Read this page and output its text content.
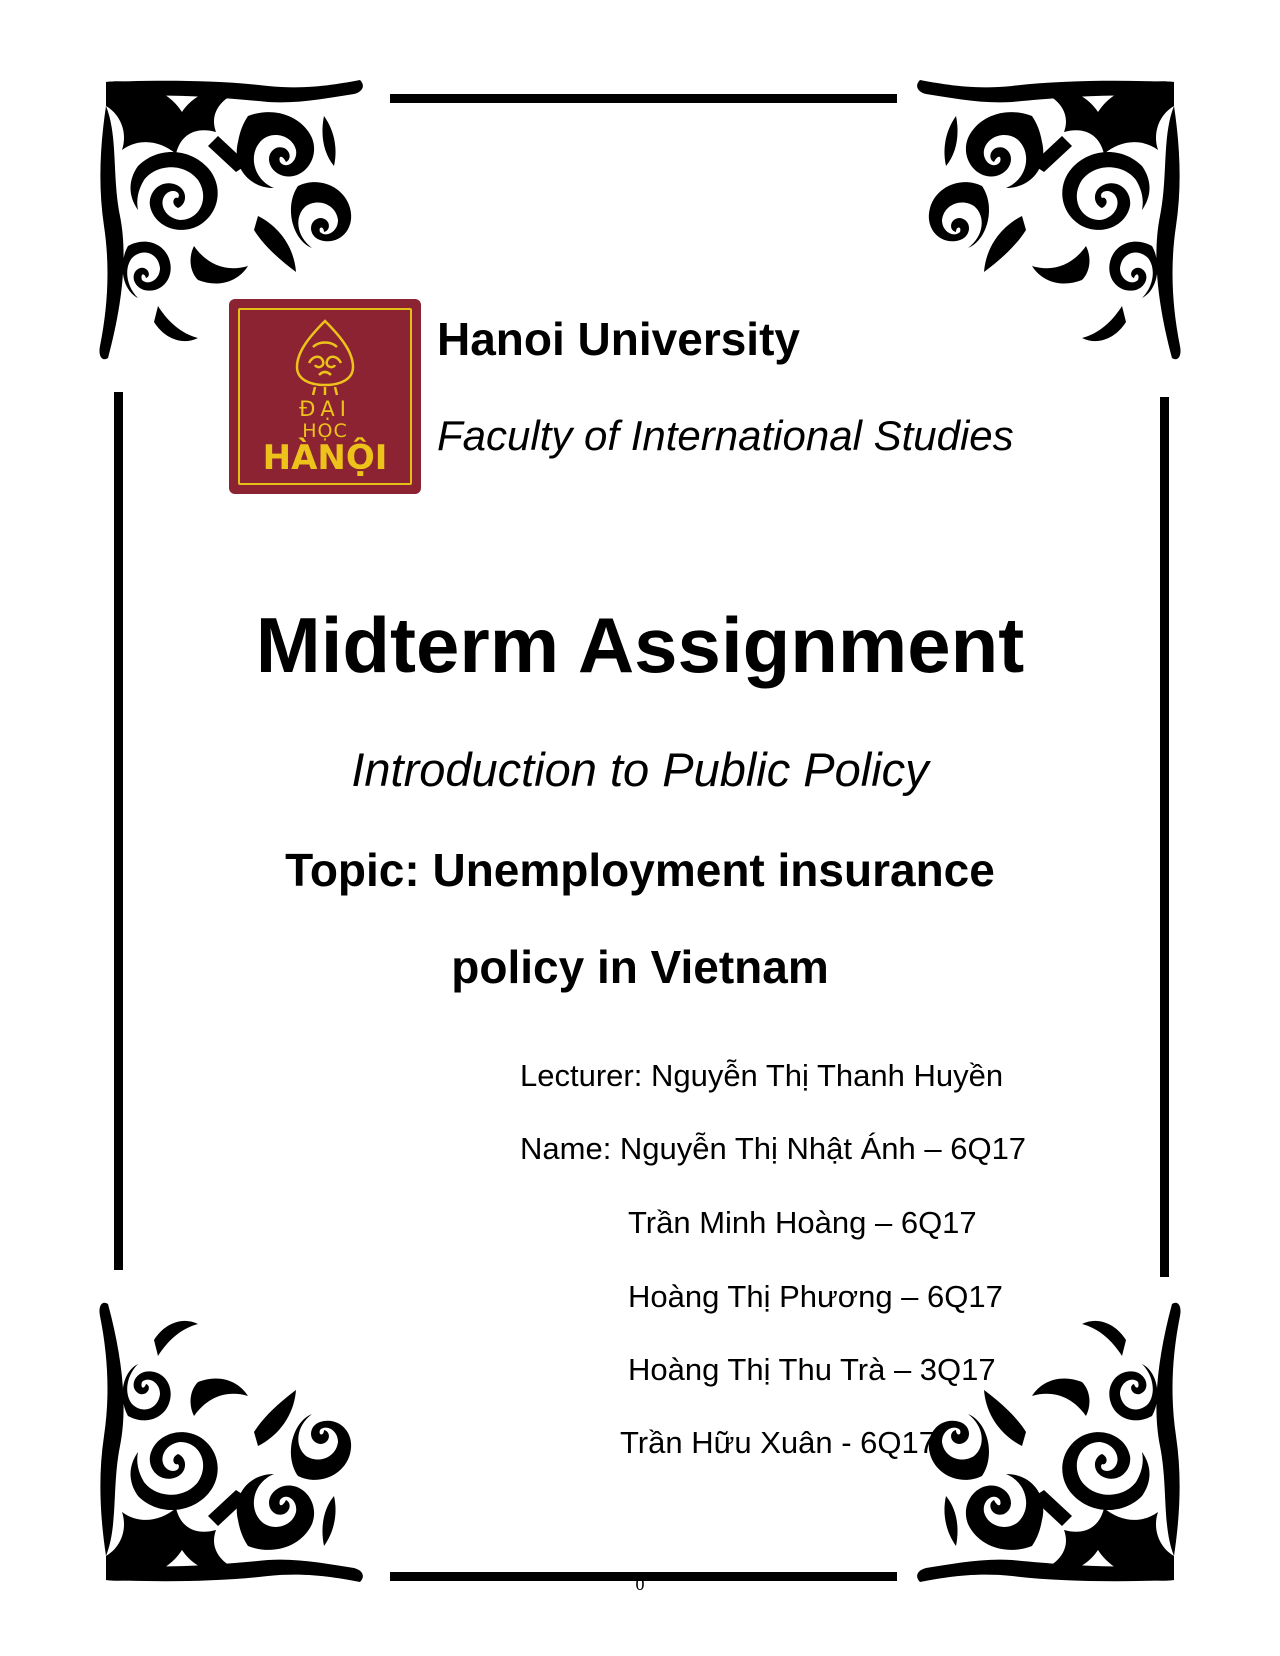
ĐẠI
HỌC
HÀNỘI
Hanoi University
Faculty of International Studies
Midterm Assignment
Introduction to Public Policy
Topic: Unemployment insurance
policy in Vietnam
Lecturer: Nguyễn Thị Thanh Huyền
Name: Nguyễn Thị Nhật Ánh – 6Q17
Trần Minh Hoàng – 6Q17
Hoàng Thị Phương – 6Q17
Hoàng Thị Thu Trà – 3Q17
Trần Hữu Xuân - 6Q17
0
